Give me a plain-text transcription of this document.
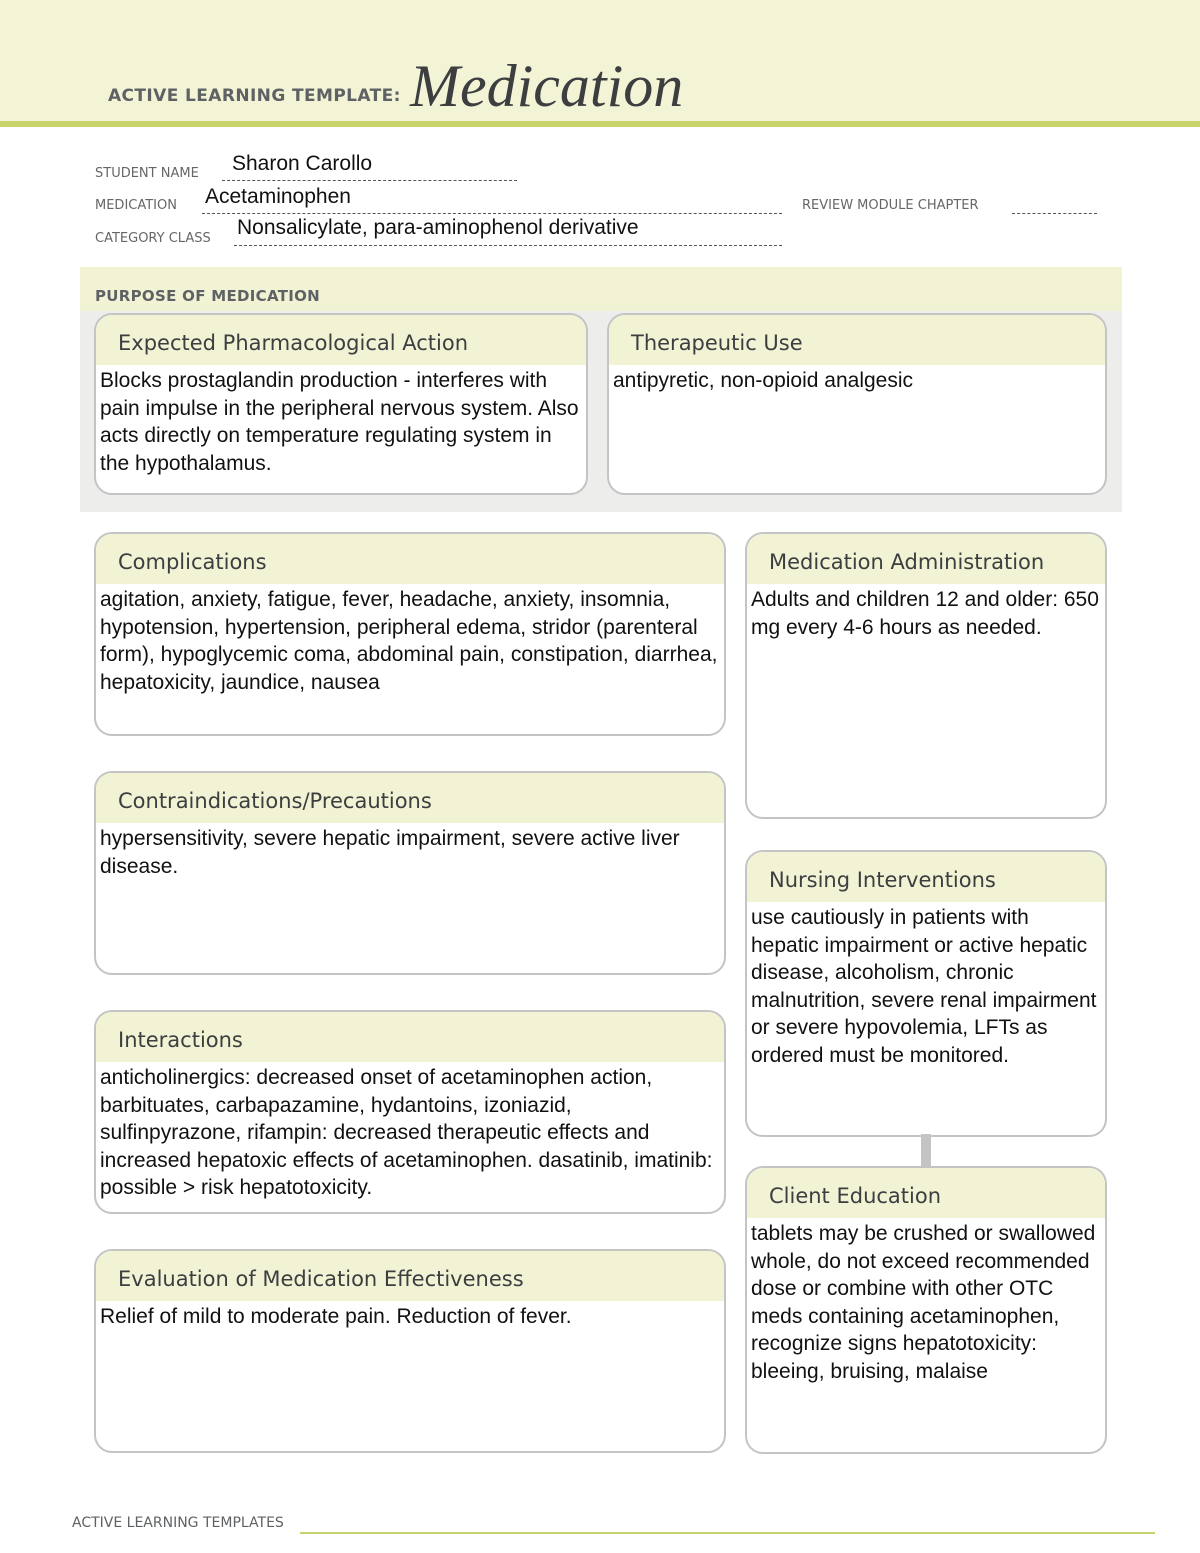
ACTIVE LEARNING TEMPLATE: Medication
STUDENT NAME Sharon Carollo
MEDICATION Acetaminophen	REVIEW MODULE CHAPTER
CATEGORY CLASS Nonsalicylate, para-aminophenol derivative
PURPOSE OF MEDICATION
Expected Pharmacological Action
Blocks prostaglandin production - interferes with pain impulse in the peripheral nervous system. Also acts directly on temperature regulating system in the hypothalamus.
Therapeutic Use
antipyretic, non-opioid analgesic
Complications
agitation, anxiety, fatigue, fever, headache, anxiety, insomnia, hypotension, hypertension, peripheral edema, stridor (parenteral form), hypoglycemic coma, abdominal pain, constipation, diarrhea, hepatoxicity, jaundice, nausea
Contraindications/Precautions
hypersensitivity, severe hepatic impairment, severe active liver disease.
Interactions
anticholinergics: decreased onset of acetaminophen action, barbituates, carbapazamine, hydantoins, izoniazid, sulfinpyrazone, rifampin: decreased therapeutic effects and increased hepatoxic effects of acetaminophen. dasatinib, imatinib: possible > risk hepatotoxicity.
Evaluation of Medication Effectiveness
Relief of mild to moderate pain. Reduction of fever.
Medication Administration
Adults and children 12 and older: 650 mg every 4-6 hours as needed.
Nursing Interventions
use cautiously in patients with hepatic impairment or active hepatic disease, alcoholism, chronic malnutrition, severe renal impairment or severe hypovolemia, LFTs as ordered must be monitored.
Client Education
tablets may be crushed or swallowed whole, do not exceed recommended dose or combine with other OTC meds containing acetaminophen, recognize signs hepatotoxicity: bleeing, bruising, malaise
ACTIVE LEARNING TEMPLATES
